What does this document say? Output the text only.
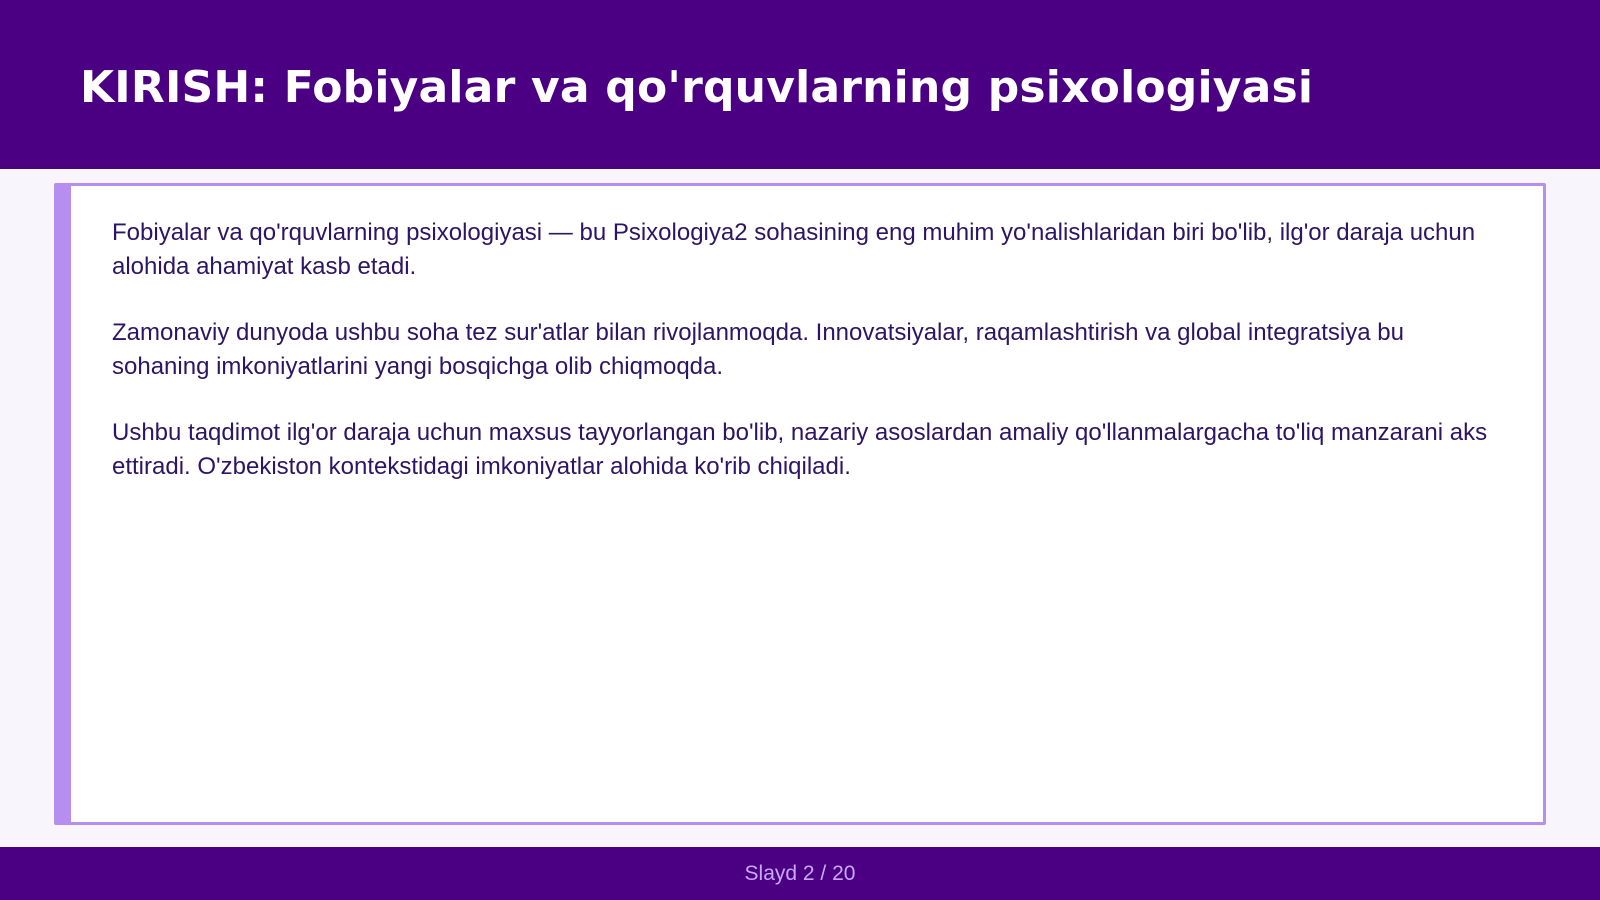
KIRISH: Fobiyalar va qo'rquvlarning psixologiyasi

Fobiyalar va qo'rquvlarning psixologiyasi — bu Psixologiya2 sohasining eng muhim yo'nalishlaridan biri bo'lib, ilg'or daraja uchun alohida ahamiyat kasb etadi.

Zamonaviy dunyoda ushbu soha tez sur'atlar bilan rivojlanmoqda. Innovatsiyalar, raqamlashtirish va global integratsiya bu sohaning imkoniyatlarini yangi bosqichga olib chiqmoqda.

Ushbu taqdimot ilg'or daraja uchun maxsus tayyorlangan bo'lib, nazariy asoslardan amaliy qo'llanmalargacha to'liq manzarani aks ettiradi. O'zbekiston kontekstidagi imkoniyatlar alohida ko'rib chiqiladi.

Slayd 2 / 20
